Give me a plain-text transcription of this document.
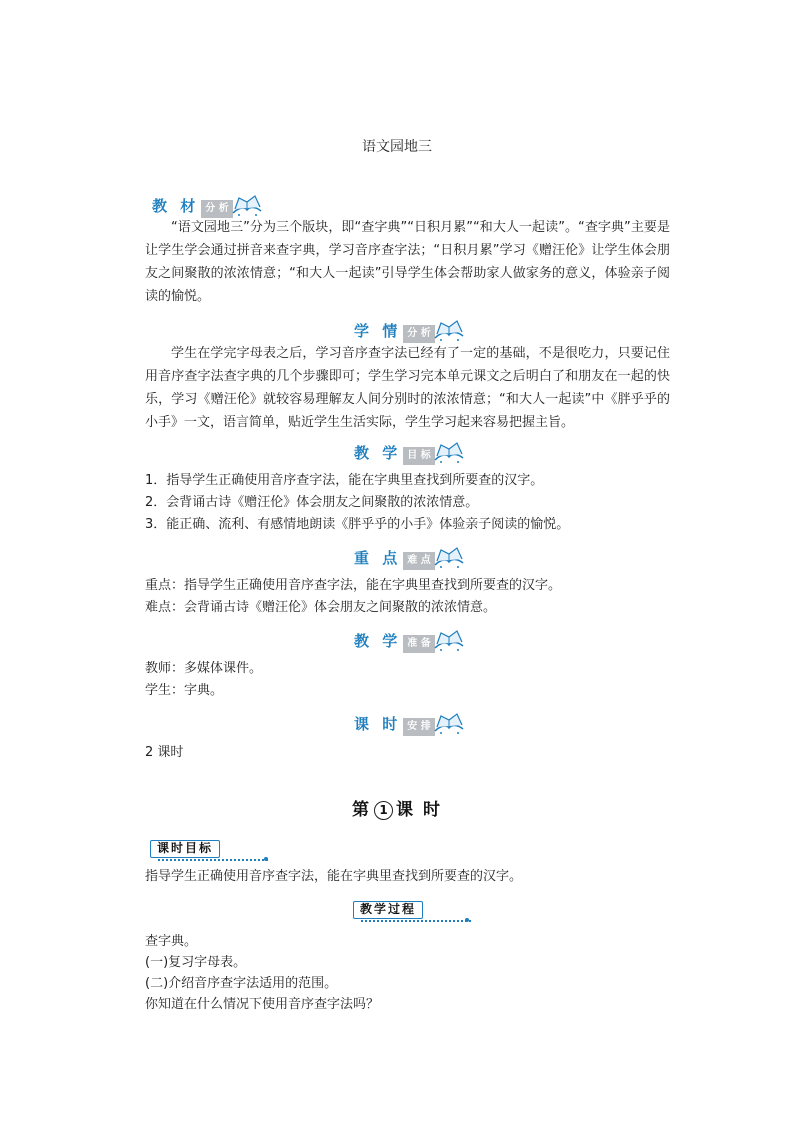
语文园地三
教 材 分 析
“语文园地三”分为三个版块，即“查字典”“日积月累”“和大人一起读”。“查字典”主要是让学生学会通过拼音来查字典，学习音序查字法；“日积月累”学习《赠汪伦》让学生体会朋友之间聚散的浓浓情意；“和大人一起读”引导学生体会帮助家人做家务的意义，体验亲子阅读的愉悦。
学 情 分 析
学生在学完字母表之后，学习音序查字法已经有了一定的基础，不是很吃力，只要记住用音序查字法查字典的几个步骤即可；学生学习完本单元课文之后明白了和朋友在一起的快乐，学习《赠汪伦》就较容易理解友人间分别时的浓浓情意；“和大人一起读”中《胖乎乎的小手》一文，语言简单，贴近学生生活实际，学生学习起来容易把握主旨。
教 学 目 标
1．指导学生正确使用音序查字法，能在字典里查找到所要查的汉字。
2．会背诵古诗《赠汪伦》体会朋友之间聚散的浓浓情意。
3．能正确、流利、有感情地朗读《胖乎乎的小手》体验亲子阅读的愉悦。
重 点 难 点
重点：指导学生正确使用音序查字法，能在字典里查找到所要查的汉字。
难点：会背诵古诗《赠汪伦》体会朋友之间聚散的浓浓情意。
教 学 准 备
教师：多媒体课件。
学生：字典。
课 时 安 排
2 课时
第 1 课 时
课时目标
指导学生正确使用音序查字法，能在字典里查找到所要查的汉字。
教学过程
查字典。
(一)复习字母表。
(二)介绍音序查字法适用的范围。
你知道在什么情况下使用音序查字法吗？
